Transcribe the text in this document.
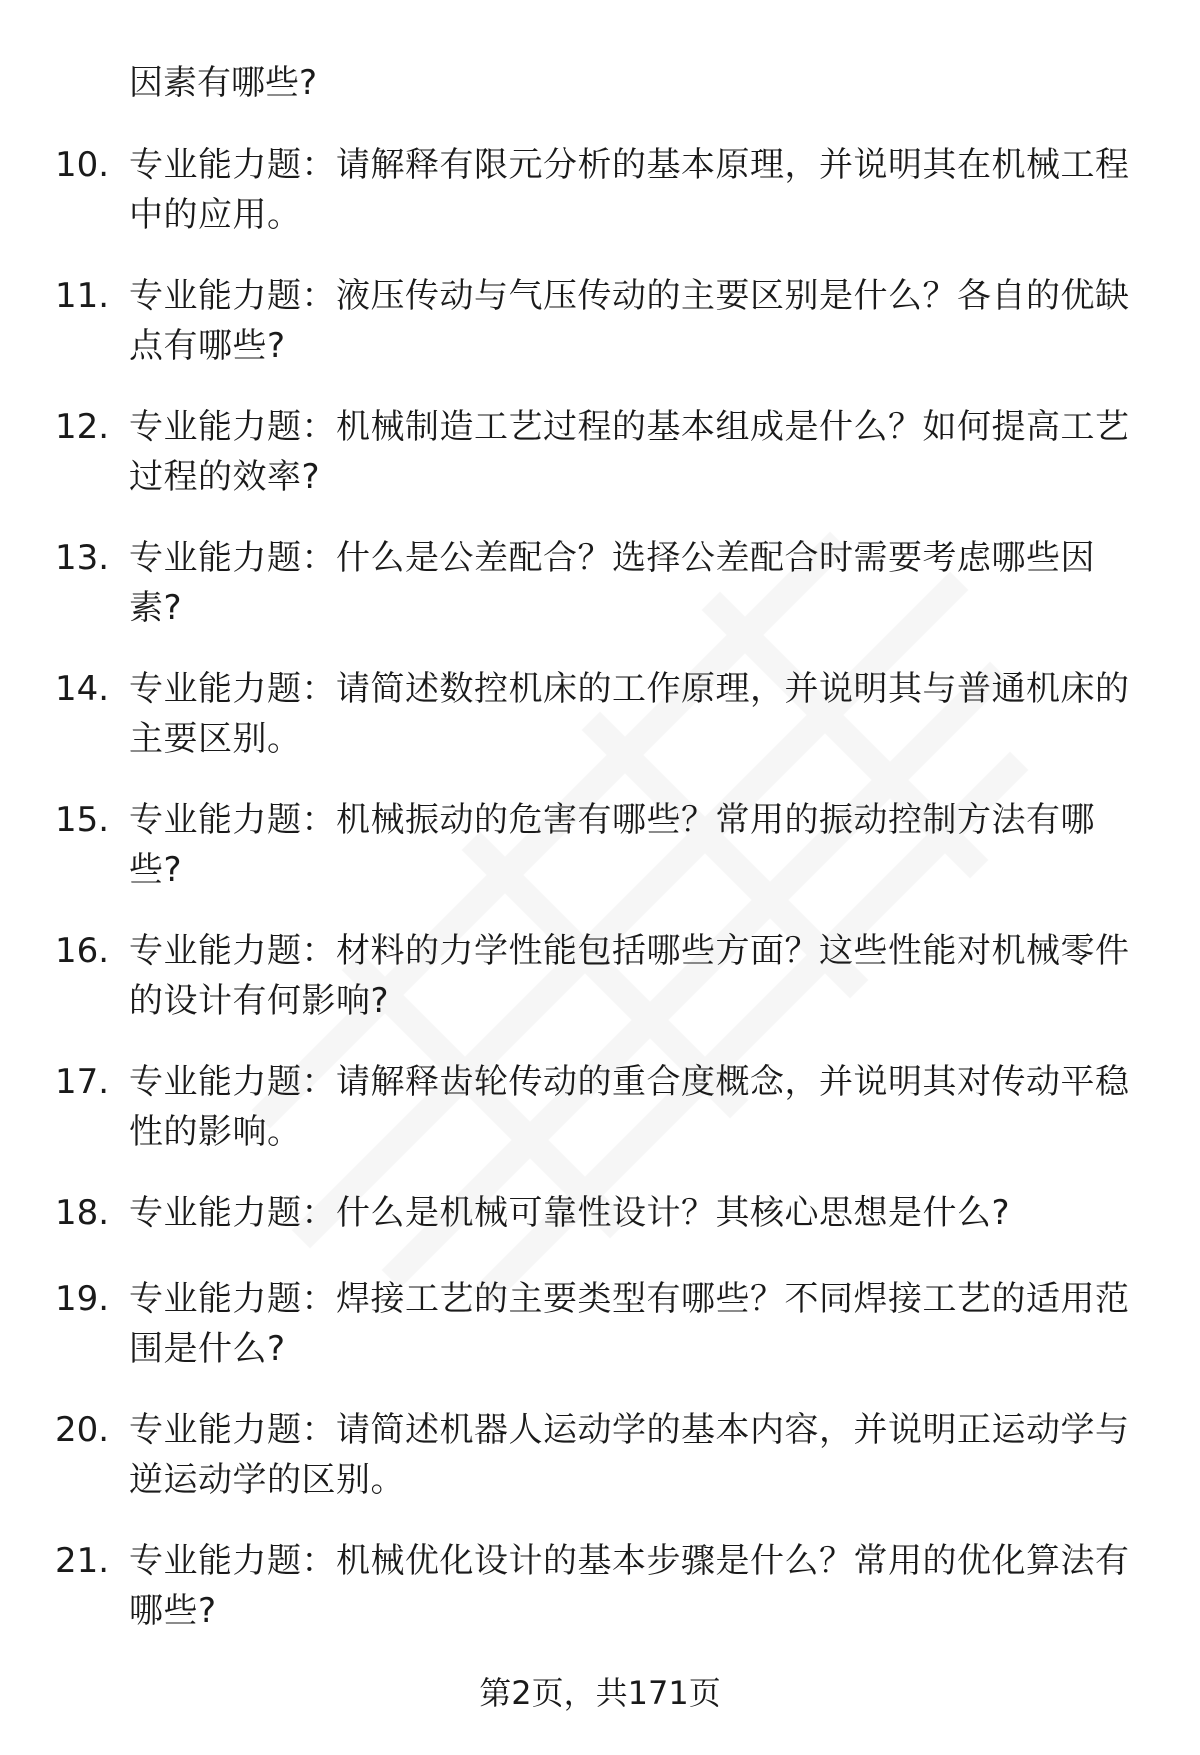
因素有哪些?
10. 专业能力题：请解释有限元分析的基本原理，并说明其在机械工程中的应用。
11. 专业能力题：液压传动与气压传动的主要区别是什么？各自的优缺点有哪些?
12. 专业能力题：机械制造工艺过程的基本组成是什么？如何提高工艺过程的效率?
13. 专业能力题：什么是公差配合？选择公差配合时需要考虑哪些因素?
14. 专业能力题：请简述数控机床的工作原理，并说明其与普通机床的主要区别。
15. 专业能力题：机械振动的危害有哪些？常用的振动控制方法有哪些?
16. 专业能力题：材料的力学性能包括哪些方面？这些性能对机械零件的设计有何影响?
17. 专业能力题：请解释齿轮传动的重合度概念，并说明其对传动平稳性的影响。
18. 专业能力题：什么是机械可靠性设计？其核心思想是什么?
19. 专业能力题：焊接工艺的主要类型有哪些？不同焊接工艺的适用范围是什么?
20. 专业能力题：请简述机器人运动学的基本内容，并说明正运动学与逆运动学的区别。
21. 专业能力题：机械优化设计的基本步骤是什么？常用的优化算法有哪些?
第2页，共171页
